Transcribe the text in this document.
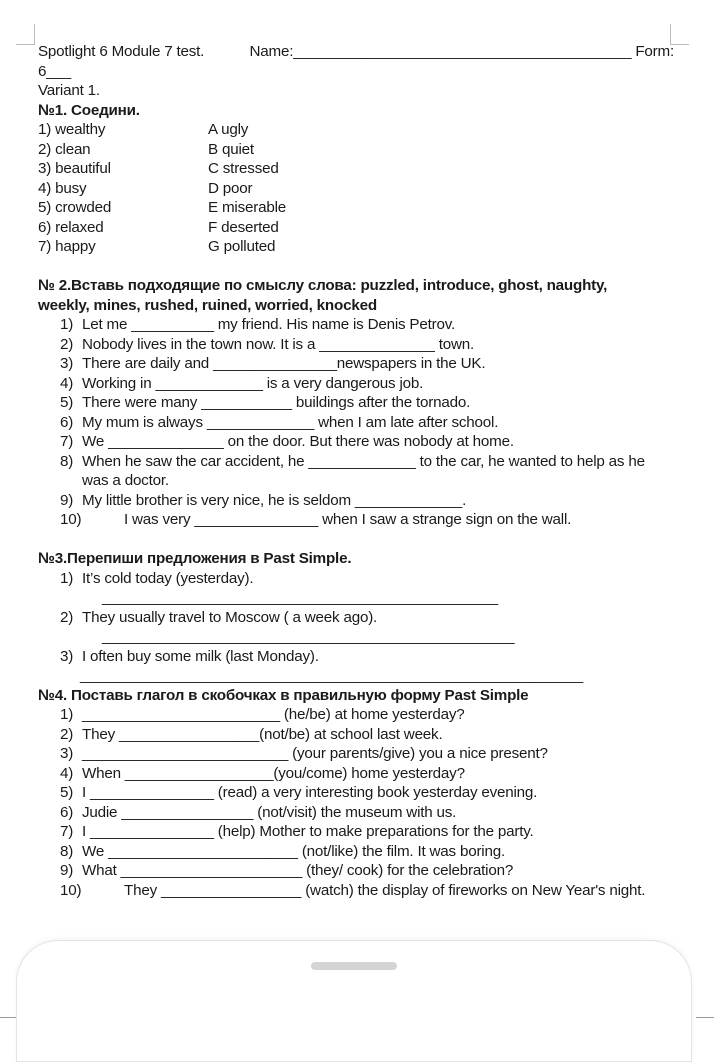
Spotlight 6 Module 7 test.	Name:_________________________________________ Form:
6___
Variant 1.
№1. Соедини.
1) wealthy	A ugly
2) clean	B quiet
3) beautiful	C stressed
4) busy	D poor
5) crowded	E miserable
6) relaxed	F deserted
7) happy	G polluted
№ 2.Вставь подходящие по смыслу слова: puzzled, introduce, ghost, naughty,
weekly, mines, rushed, ruined, worried, knocked
1) Let me __________ my friend. His name is Denis Petrov.
2) Nobody lives in the town now. It is a ______________ town.
3) There are daily and _______________newspapers in the UK.
4) Working in _____________ is a very dangerous job.
5) There were many ___________ buildings after the tornado.
6) My mum is always _____________ when I am late after school.
7) We ______________ on the door. But there was nobody at home.
8) When he saw the car accident, he _____________ to the car, he wanted to help as he was a doctor.
9) My little brother is very nice, he is seldom _____________.
10)	I was very _______________ when I saw a strange sign on the wall.
№3.Перепиши предложения в Past Simple.
1) It’s cold today (yesterday).
________________________________________________
2) They usually travel to Moscow ( a week ago).
__________________________________________________
3) I often buy some milk (last Monday).
_____________________________________________________________
№4. Поставь глагол в скобочках в правильную форму Past Simple
1) ________________________ (he/be) at home yesterday?
2) They _________________(not/be) at school last week.
3) _________________________ (your parents/give) you a nice present?
4) When __________________(you/come) home yesterday?
5) I _______________ (read) a very interesting book yesterday evening.
6) Judie ________________ (not/visit) the museum with us.
7) I _______________ (help) Mother to make preparations for the party.
8) We _______________________ (not/like) the film. It was boring.
9) What ______________________ (they/ cook) for the celebration?
10)	They _________________ (watch) the display of fireworks on New Year's night.
